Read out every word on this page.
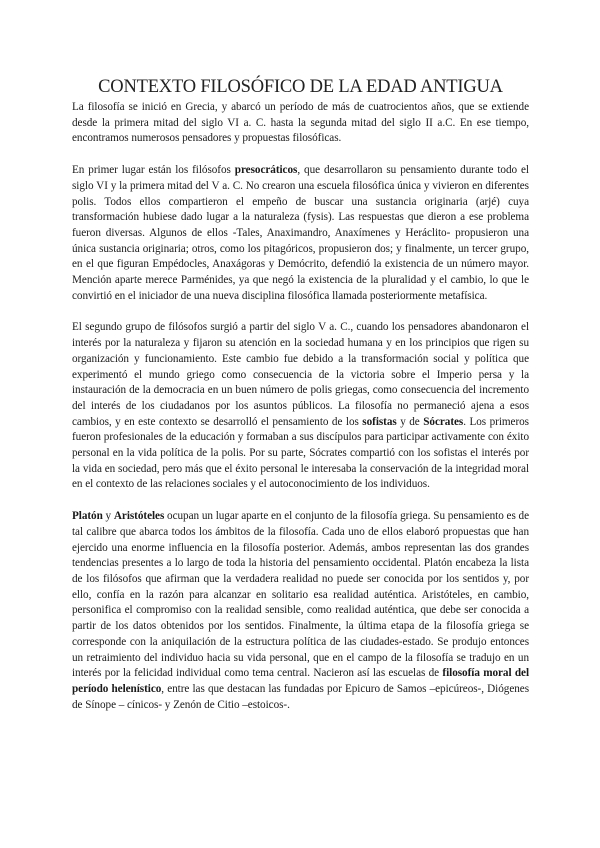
CONTEXTO FILOSÓFICO DE LA EDAD ANTIGUA

La filosofía se inició en Grecia, y abarcó un período de más de cuatrocientos años, que se extiende desde la primera mitad del siglo VI a. C. hasta la segunda mitad del siglo II a.C. En ese tiempo, encontramos numerosos pensadores y propuestas filosóficas.

En primer lugar están los filósofos presocráticos, que desarrollaron su pensamiento durante todo el siglo VI y la primera mitad del V a. C. No crearon una escuela filosófica única y vivieron en diferentes polis. Todos ellos compartieron el empeño de buscar una sustancia originaria (arjé) cuya transformación hubiese dado lugar a la naturaleza (fysis). Las respuestas que dieron a ese problema fueron diversas. Algunos de ellos -Tales, Anaximandro, Anaxímenes y Heráclito- propusieron una única sustancia originaria; otros, como los pitagóricos, propusieron dos; y finalmente, un tercer grupo, en el que figuran Empédocles, Anaxágoras y Demócrito, defendió la existencia de un número mayor. Mención aparte merece Parménides, ya que negó la existencia de la pluralidad y el cambio, lo que le convirtió en el iniciador de una nueva disciplina filosófica llamada posteriormente metafísica.

El segundo grupo de filósofos surgió a partir del siglo V a. C., cuando los pensadores abandonaron el interés por la naturaleza y fijaron su atención en la sociedad humana y en los principios que rigen su organización y funcionamiento. Este cambio fue debido a la transformación social y política que experimentó el mundo griego como consecuencia de la victoria sobre el Imperio persa y la instauración de la democracia en un buen número de polis griegas, como consecuencia del incremento del interés de los ciudadanos por los asuntos públicos. La filosofía no permaneció ajena a esos cambios, y en este contexto se desarrolló el pensamiento de los sofistas y de Sócrates. Los primeros fueron profesionales de la educación y formaban a sus discípulos para participar activamente con éxito personal en la vida política de la polis. Por su parte, Sócrates compartió con los sofistas el interés por la vida en sociedad, pero más que el éxito personal le interesaba la conservación de la integridad moral en el contexto de las relaciones sociales y el autoconocimiento de los individuos.

Platón y Aristóteles ocupan un lugar aparte en el conjunto de la filosofía griega. Su pensamiento es de tal calibre que abarca todos los ámbitos de la filosofía. Cada uno de ellos elaboró propuestas que han ejercido una enorme influencia en la filosofía posterior. Además, ambos representan las dos grandes tendencias presentes a lo largo de toda la historia del pensamiento occidental. Platón encabeza la lista de los filósofos que afirman que la verdadera realidad no puede ser conocida por los sentidos y, por ello, confía en la razón para alcanzar en solitario esa realidad auténtica. Aristóteles, en cambio, personifica el compromiso con la realidad sensible, como realidad auténtica, que debe ser conocida a partir de los datos obtenidos por los sentidos. Finalmente, la última etapa de la filosofía griega se corresponde con la aniquilación de la estructura política de las ciudades-estado. Se produjo entonces un retraimiento del individuo hacia su vida personal, que en el campo de la filosofía se tradujo en un interés por la felicidad individual como tema central. Nacieron así las escuelas de filosofía moral del período helenístico, entre las que destacan las fundadas por Epicuro de Samos –epicúreos-, Diógenes de Sínope – cínicos- y Zenón de Citio –estoicos-.
